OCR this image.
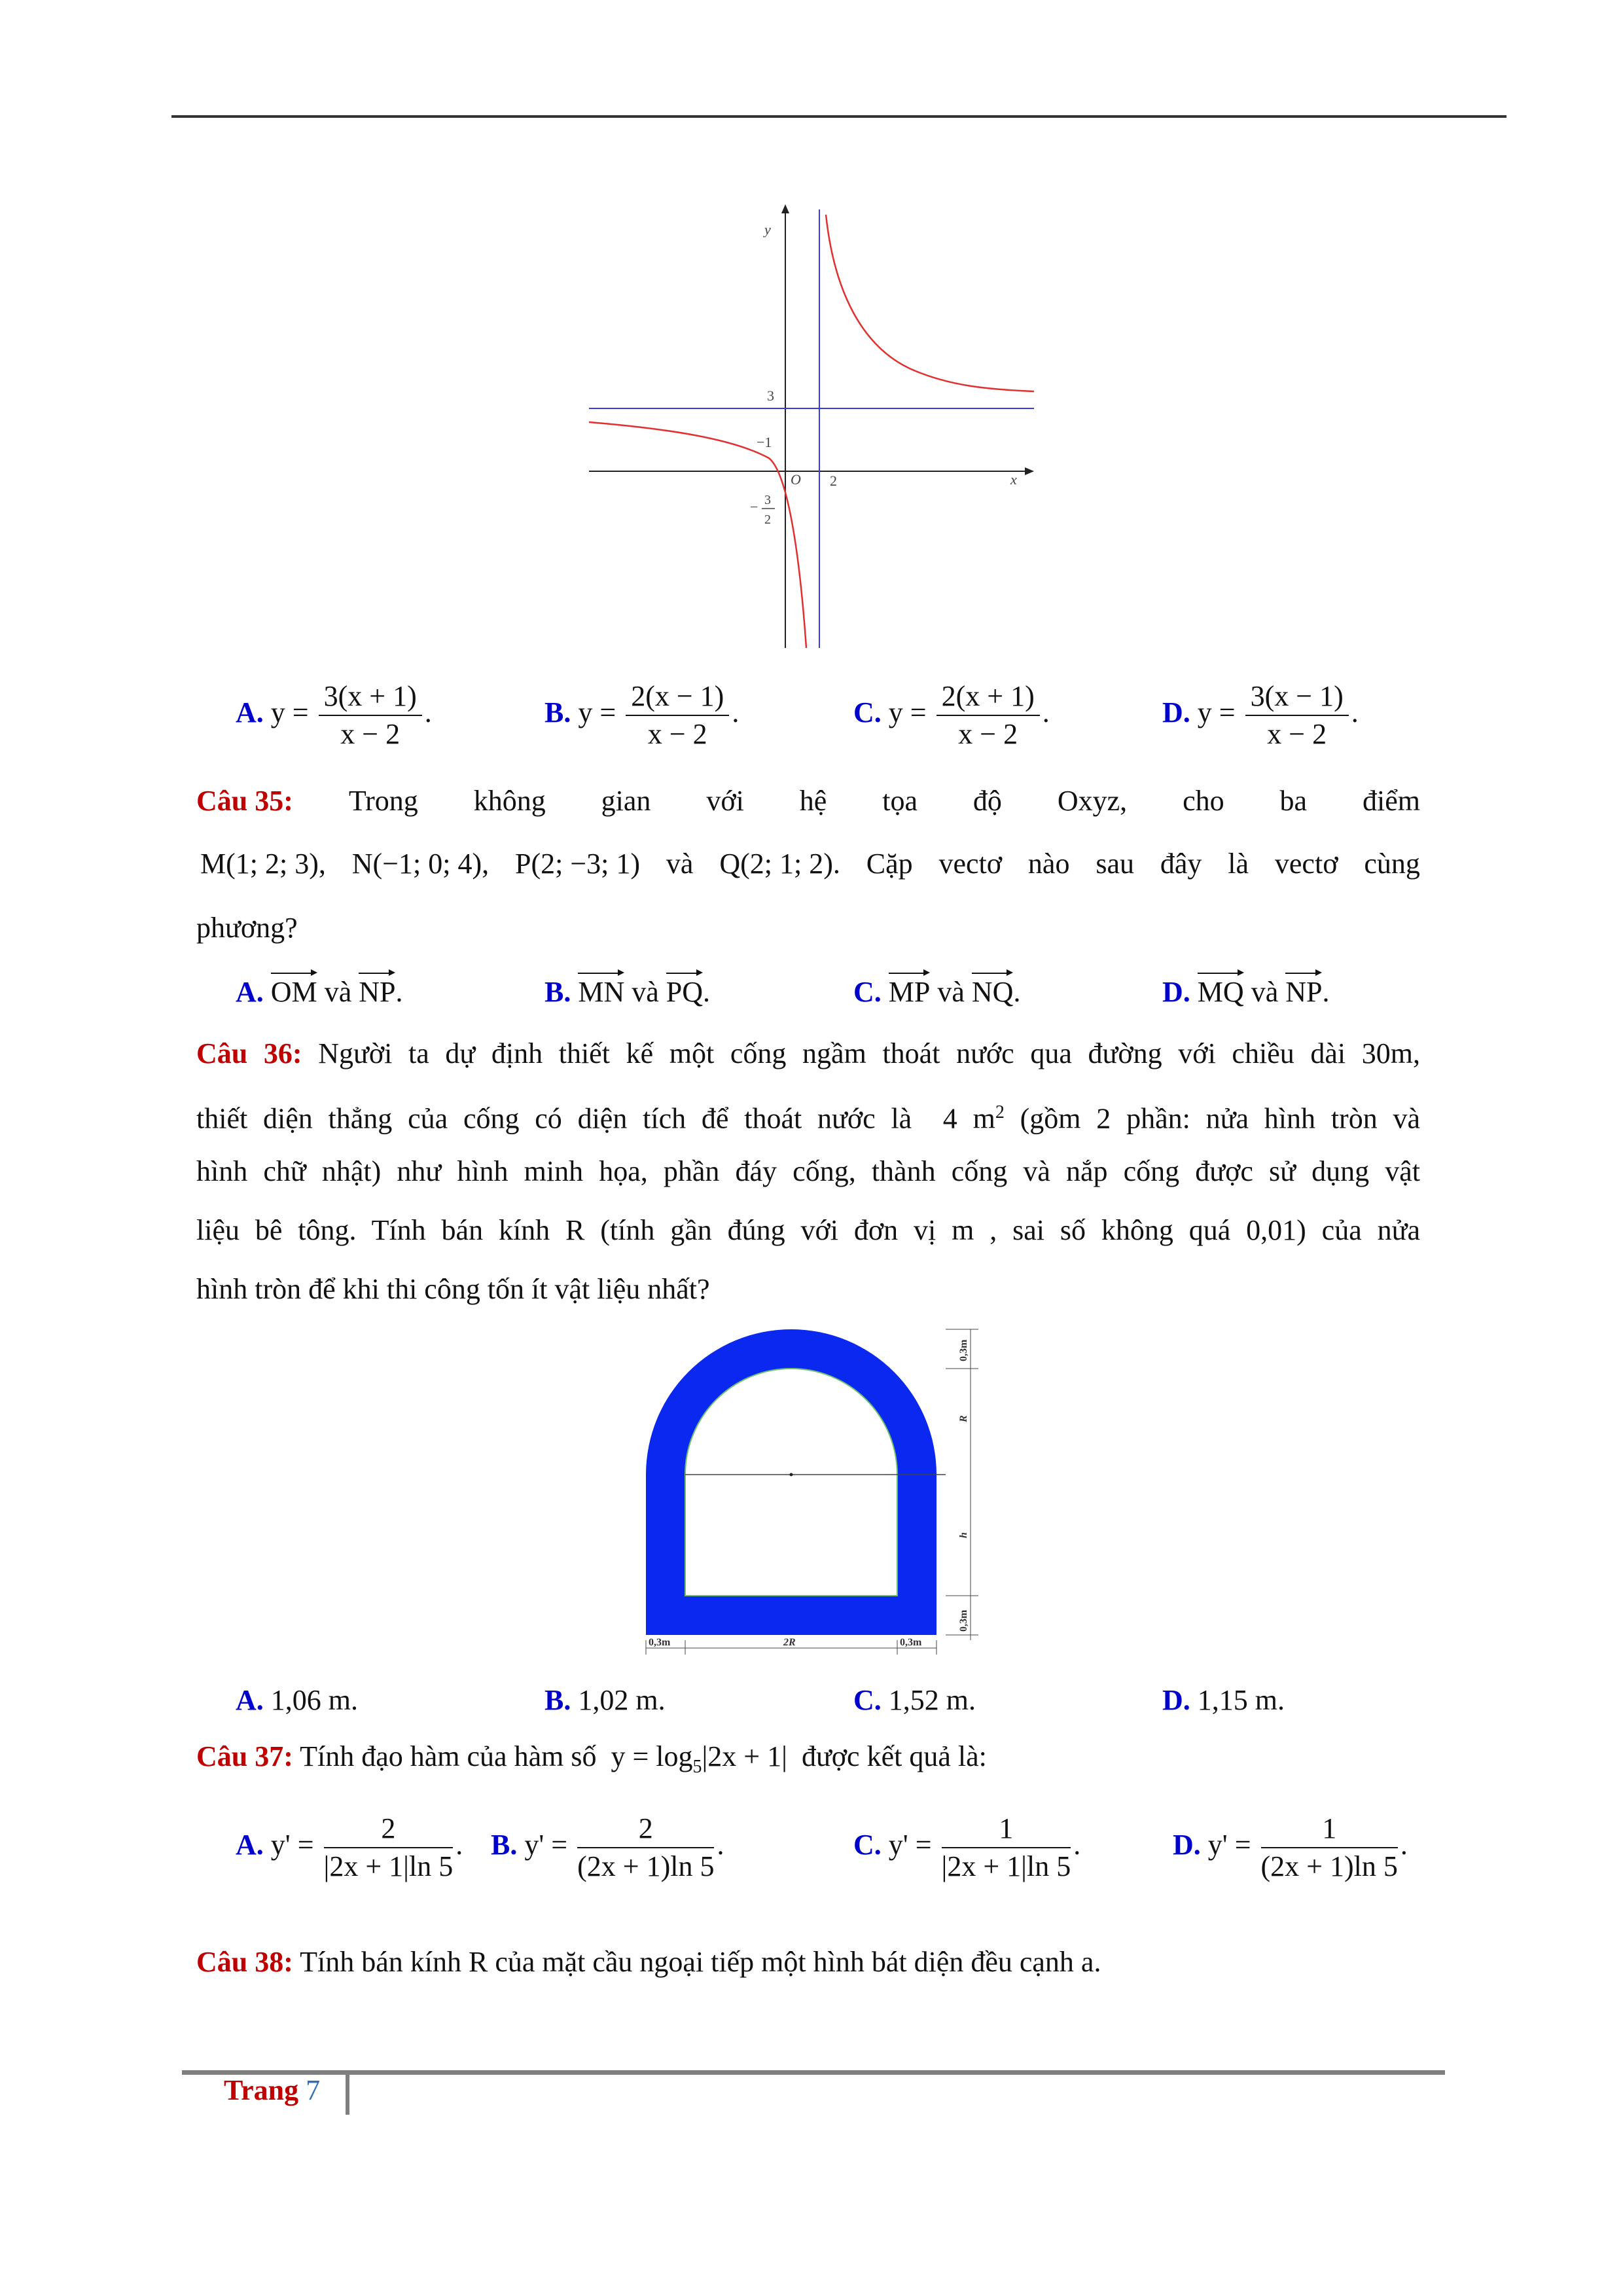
y
x
O
3
−1
2
− 3
2
A. $y = \frac{3(x + 1)}{x - 2}$ .	B. $y = \frac{2(x - 1)}{x - 2}$ .	C. $y = \frac{2(x + 1)}{x - 2}$ .	D. $y = \frac{3(x - 1)}{x - 2}$ .
Câu 35: Trong không gian với hệ tọa độ Oxyz, cho ba điểm
M(1; 2; 3), N(−1; 0; 4), P(2; −3; 1) và Q(2; 1; 2). Cặp vectơ nào sau đây là vectơ cùng
phương?
A. OM và NP.	B. MN và PQ.	C. MP và NQ.	D. MQ và NP.
Câu 36: Người ta dự định thiết kế một cống ngầm thoát nước qua đường với chiều dài 30m,
thiết diện thẳng của cống có diện tích để thoát nước là 4 $m^2$ (gồm 2 phần: nửa hình tròn và
hình chữ nhật) như hình minh họa, phần đáy cống, thành cống và nắp cống được sử dụng vật
liệu bê tông. Tính bán kính R (tính gần đúng với đơn vị m , sai số không quá 0,01) của nửa
hình tròn để khi thi công tốn ít vật liệu nhất?
0,3m	2R	0,3m
0,3m
R
h
0,3m
A. 1,06 m.	B. 1,02 m.	C. 1,52 m.	D. 1,15 m.
Câu 37: Tính đạo hàm của hàm số $y = \log_5|2x + 1|$ được kết quả là:
A. $y' = \frac{2}{|2x + 1|\ln 5}$ . B. $y' = \frac{2}{(2x + 1)\ln 5}$ .	C. $y' = \frac{1}{|2x + 1|\ln 5}$ .	D. $y' = \frac{1}{(2x + 1)\ln 5}$ .
Câu 38: Tính bán kính R của mặt cầu ngoại tiếp một hình bát diện đều cạnh a.
Trang 7
